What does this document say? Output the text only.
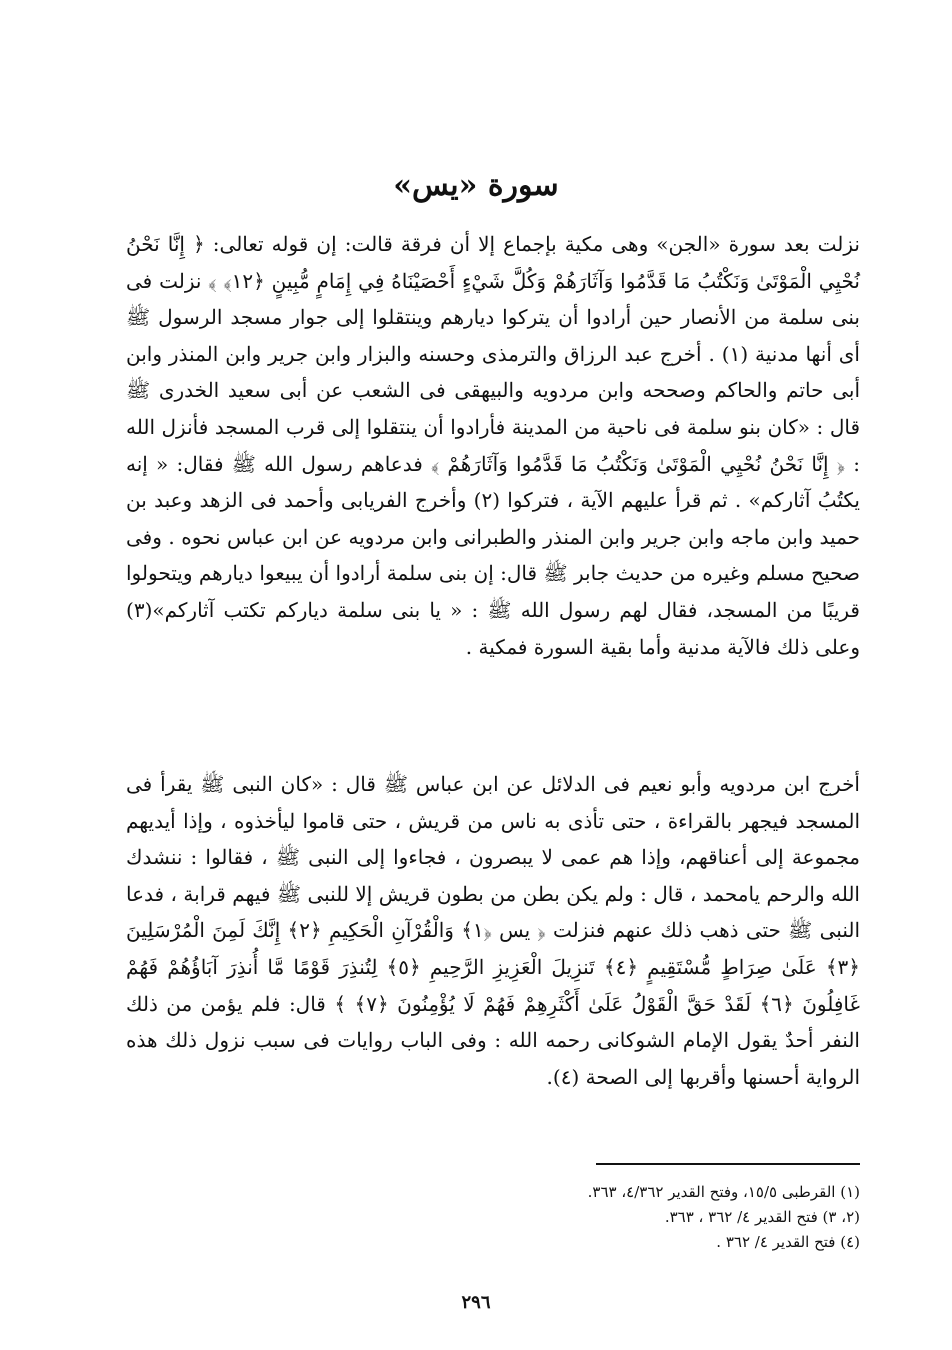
سورة «يس»

نزلت بعد سورة «الجن» وهى مكية بإجماع إلا أن فرقة قالت: إن قوله تعالى: ﴿ إِنَّا نَحْنُ نُحْيِي الْمَوْتَىٰ وَنَكْتُبُ مَا قَدَّمُوا وَآثَارَهُمْ وَكُلَّ شَيْءٍ أَحْصَيْنَاهُ فِي إِمَامٍ مُّبِينٍ ﴿١٢﴾ ﴾ نزلت فى بنى سلمة من الأنصار حين أرادوا أن يتركوا ديارهم وينتقلوا إلى جوار مسجد الرسول ﷺ أى أنها مدنية (١) . أخرج عبد الرزاق والترمذى وحسنه والبزار وابن جرير وابن المنذر وابن أبى حاتم والحاكم وصححه وابن مردويه والبيهقى فى الشعب عن أبى سعيد الخدرى ﷺ قال : «كان بنو سلمة فى ناحية من المدينة فأرادوا أن ينتقلوا إلى قرب المسجد فأنزل الله : ﴿ إِنَّا نَحْنُ نُحْيِي الْمَوْتَىٰ وَنَكْتُبُ مَا قَدَّمُوا وَآثَارَهُمْ ﴾ فدعاهم رسول الله ﷺ فقال: « إنه يكتُبُ آثاركم» . ثم قرأ عليهم الآية ، فتركوا (٢) وأخرج الفريابى وأحمد فى الزهد وعبد بن حميد وابن ماجه وابن جرير وابن المنذر والطبرانى وابن مردويه عن ابن عباس نحوه . وفى صحيح مسلم وغيره من حديث جابر ﷺ قال: إن بنى سلمة أرادوا أن يبيعوا ديارهم ويتحولوا قريبًا من المسجد، فقال لهم رسول الله ﷺ : « يا بنى سلمة دياركم تكتب آثاركم»(٣) وعلى ذلك فالآية مدنية وأما بقية السورة فمكية .

أخرج ابن مردويه وأبو نعيم فى الدلائل عن ابن عباس ﷺ قال : «كان النبى ﷺ يقرأ فى المسجد فيجهر بالقراءة ، حتى تأذى به ناس من قريش ، حتى قاموا ليأخذوه ، وإذا أيديهم مجموعة إلى أعناقهم، وإذا هم عمى لا يبصرون ، فجاءوا إلى النبى ﷺ ، فقالوا : ننشدك الله والرحم يامحمد ، قال : ولم يكن بطن من بطون قريش إلا للنبى ﷺ فيهم قرابة ، فدعا النبى ﷺ حتى ذهب ذلك عنهم فنزلت ﴿ يس ﴿١﴾ وَالْقُرْآنِ الْحَكِيمِ ﴿٢﴾ إِنَّكَ لَمِنَ الْمُرْسَلِينَ ﴿٣﴾ عَلَىٰ صِرَاطٍ مُّسْتَقِيمٍ ﴿٤﴾ تَنزِيلَ الْعَزِيزِ الرَّحِيمِ ﴿٥﴾ لِتُنذِرَ قَوْمًا مَّا أُنذِرَ آبَاؤُهُمْ فَهُمْ غَافِلُونَ ﴿٦﴾ لَقَدْ حَقَّ الْقَوْلُ عَلَىٰ أَكْثَرِهِمْ فَهُمْ لَا يُؤْمِنُونَ ﴿٧﴾ ﴾ قال: فلم يؤمن من ذلك النفر أحدٌ يقول الإمام الشوكانى رحمه الله : وفى الباب روايات فى سبب نزول ذلك هذه الرواية أحسنها وأقربها إلى الصحة (٤).

(١) القرطبى ١٥/٥، وفتح القدير ٤/٣٦٢، ٣٦٣.
(٢، ٣) فتح القدير ٤/ ٣٦٢ ، ٣٦٣.
(٤) فتح القدير ٤/ ٣٦٢ .
٢٩٦
